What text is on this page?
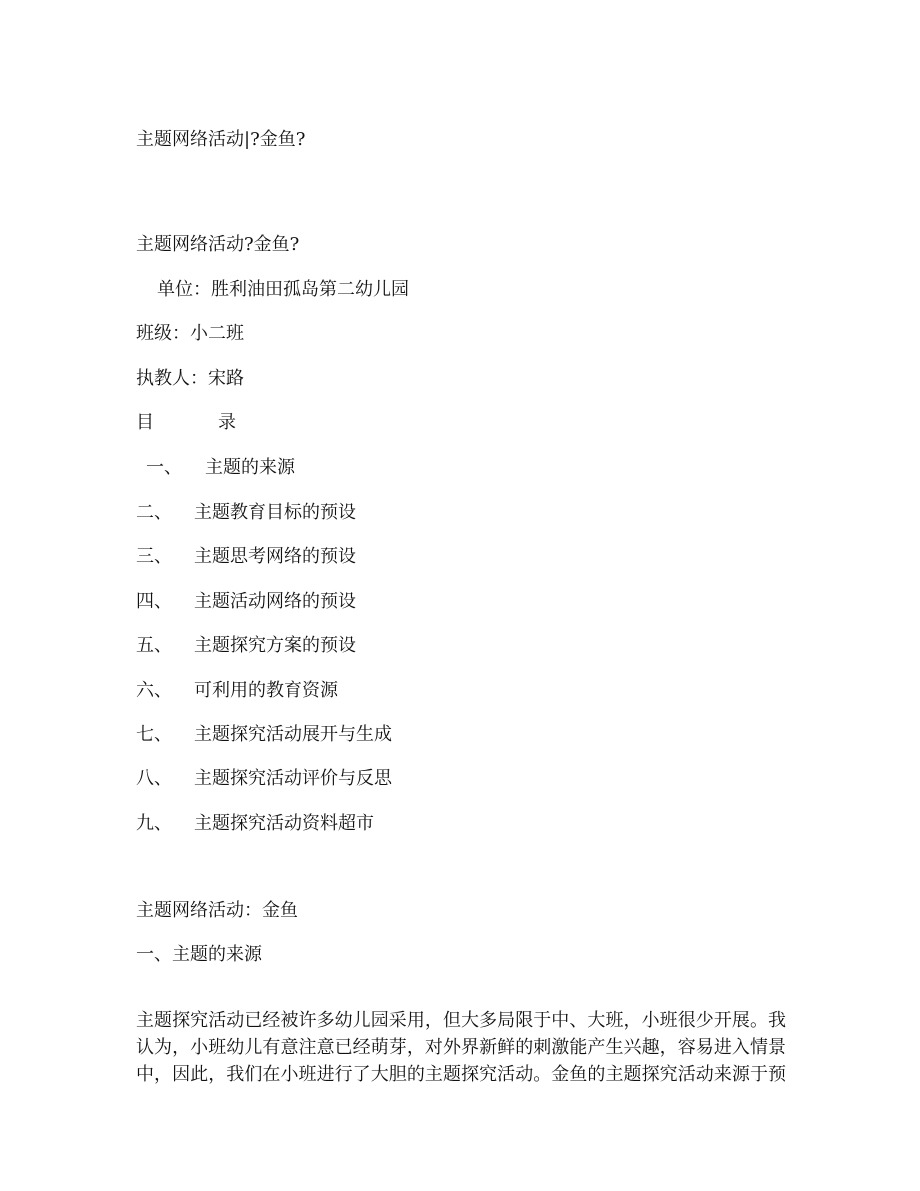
主题网络活动|?金鱼?
主题网络活动?金鱼?
单位：胜利油田孤岛第二幼儿园
班级：小二班
执教人：宋路
目	录
一、 主题的来源
二、 主题教育目标的预设
三、 主题思考网络的预设
四、 主题活动网络的预设
五、 主题探究方案的预设
六、 可利用的教育资源
七、 主题探究活动展开与生成
八、 主题探究活动评价与反思
九、 主题探究活动资料超市
主题网络活动：金鱼
一、主题的来源
主题探究活动已经被许多幼儿园采用，但大多局限于中、大班，小班很少开展。我
认为，小班幼儿有意注意已经萌芽，对外界新鲜的刺激能产生兴趣，容易进入情景
中，因此，我们在小班进行了大胆的主题探究活动。金鱼的主题探究活动来源于预
